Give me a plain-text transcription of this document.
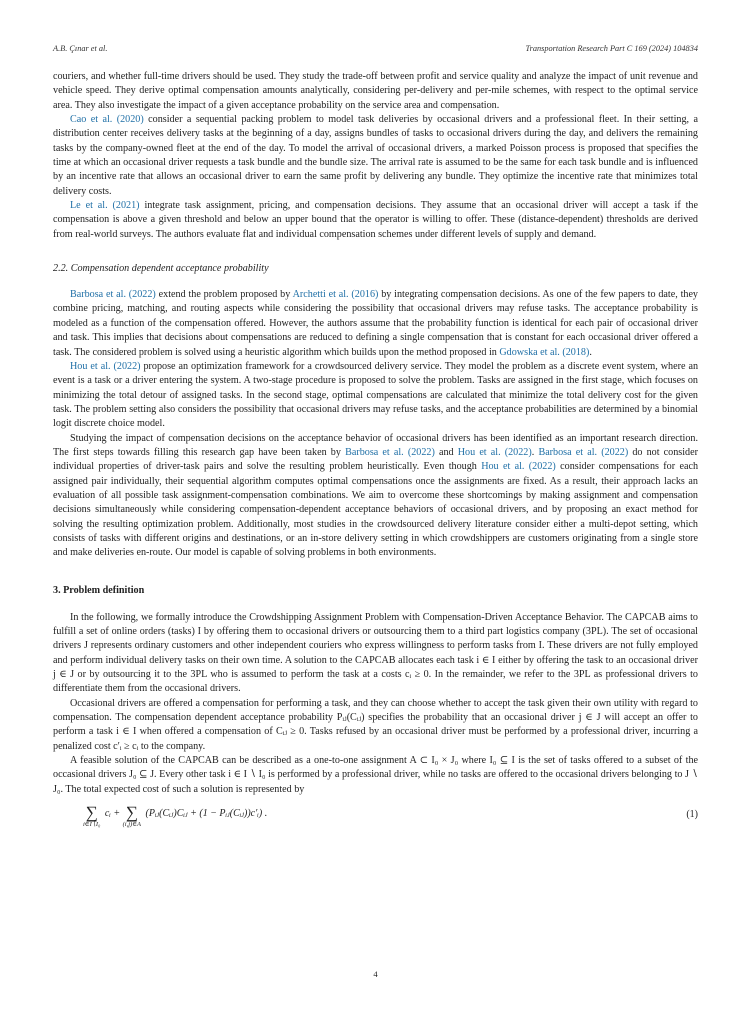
A.B. Çınar et al.	Transportation Research Part C 169 (2024) 104834

couriers, and whether full-time drivers should be used. They study the trade-off between profit and service quality and analyze the impact of unit revenue and vehicle speed. They derive optimal compensation amounts analytically, considering per-delivery and per-mile schemes, with respect to the optimal service area. They also investigate the impact of a given acceptance probability on the service area and compensation.

Cao et al. (2020) consider a sequential packing problem to model task deliveries by occasional drivers and a professional fleet. In their setting, a distribution center receives delivery tasks at the beginning of a day, assigns bundles of tasks to occasional drivers during the day, and delivers the remaining tasks by the company-owned fleet at the end of the day. To model the arrival of occasional drivers, a marked Poisson process is proposed that specifies the time at which an occasional driver requests a task bundle and the bundle size. The arrival rate is assumed to be the same for each task bundle and is influenced by an incentive rate that allows an occasional driver to earn the same profit by delivering any bundle. They optimize the incentive rate that minimizes total delivery costs.

Le et al. (2021) integrate task assignment, pricing, and compensation decisions. They assume that an occasional driver will accept a task if the compensation is above a given threshold and below an upper bound that the operator is willing to offer. These (distance-dependent) thresholds are derived from real-world surveys. The authors evaluate flat and individual compensation schemes under different levels of supply and demand.

2.2. Compensation dependent acceptance probability

Barbosa et al. (2022) extend the problem proposed by Archetti et al. (2016) by integrating compensation decisions. As one of the few papers to date, they combine pricing, matching, and routing aspects while considering the possibility that occasional drivers may refuse tasks. The acceptance probability is modeled as a function of the compensation offered. However, the authors assume that the probability function is identical for each pair of occasional driver and task. This implies that decisions about compensations are reduced to defining a single compensation that is constant for each occasional driver offered a task. The considered problem is solved using a heuristic algorithm which builds upon the method proposed in Gdowska et al. (2018).

Hou et al. (2022) propose an optimization framework for a crowdsourced delivery service. They model the problem as a discrete event system, where an event is a task or a driver entering the system. A two-stage procedure is proposed to solve the problem. Tasks are assigned in the first stage, which focuses on minimizing the total detour of assigned tasks. In the second stage, optimal compensations are calculated that minimize the total delivery cost for the given task. The problem setting also considers the possibility that occasional drivers may refuse tasks, and the acceptance probabilities are determined by a binomial logit discrete choice model.

Studying the impact of compensation decisions on the acceptance behavior of occasional drivers has been identified as an important research direction. The first steps towards filling this research gap have been taken by Barbosa et al. (2022) and Hou et al. (2022). Barbosa et al. (2022) do not consider individual properties of driver-task pairs and solve the resulting problem heuristically. Even though Hou et al. (2022) consider compensations for each assigned pair individually, their sequential algorithm computes optimal compensations once the assignments are fixed. As a result, their approach lacks an evaluation of all possible task assignment-compensation combinations. We aim to overcome these shortcomings by making assignment and compensation decisions simultaneously while considering compensation-dependent acceptance behaviors of occasional drivers, and by proposing an exact method for solving the resulting optimization problem. Additionally, most studies in the crowdsourced delivery literature consider either a multi-depot setting, which consists of tasks with different origins and destinations, or an in-store delivery setting in which crowdshippers are customers originating from a single store and make deliveries en-route. Our model is capable of solving problems in both environments.

3. Problem definition

In the following, we formally introduce the Crowdshipping Assignment Problem with Compensation-Driven Acceptance Behavior. The CAPCAB aims to fulfill a set of online orders (tasks) I by offering them to occasional drivers or outsourcing them to a third part logistics company (3PL). The set of occasional drivers J represents ordinary customers and other independent couriers who express willingness to perform tasks from I. These drivers are not fully employed and perform individual delivery tasks on their own time. A solution to the CAPCAB allocates each task i ∈ I either by offering the task to an occasional driver j ∈ J or by outsourcing it to the 3PL who is assumed to perform the task at a costs cᵢ ≥ 0. In the remainder, we refer to the 3PL as professional drivers to differentiate them from the occasional drivers.

Occasional drivers are offered a compensation for performing a task, and they can choose whether to accept the task given their own utility with regard to compensation. The compensation dependent acceptance probability Pᵢⱼ(Cᵢⱼ) specifies the probability that an occasional driver j ∈ J will accept an offer to perform a task i ∈ I when offered a compensation of Cᵢⱼ ≥ 0. Tasks refused by an occasional driver must be performed by a professional driver, incurring a penalized cost c′ᵢ ≥ cᵢ to the company.

A feasible solution of the CAPCAB can be described as a one-to-one assignment A ⊂ I₀ × J₀ where I₀ ⊆ I is the set of tasks offered to a subset of the occasional drivers J₀ ⊆ J. Every other task i ∈ I ∖ I₀ is performed by a professional driver, while no tasks are offered to the occasional drivers belonging to J ∖ J₀. The total expected cost of such a solution is represented by

∑
i∈I∖I₀
cᵢ + ∑
(i,j)∈A
(Pᵢⱼ(Cᵢⱼ)Cᵢⱼ + (1 − Pᵢⱼ(Cᵢⱼ))c′ᵢ) .	(1)
4
